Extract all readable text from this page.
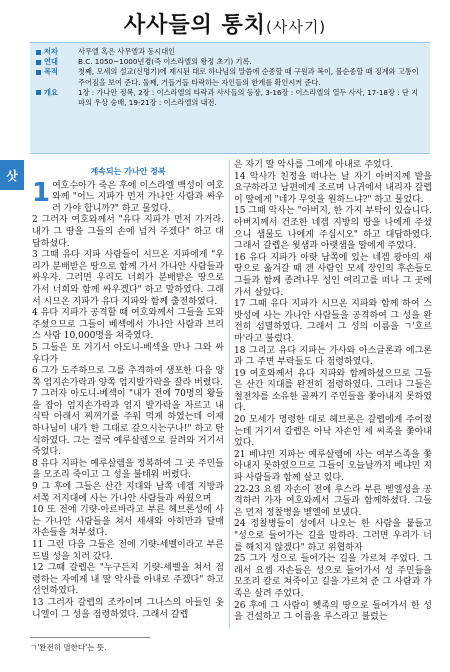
사사들의 통치(사사기)
저자	사무엘 혹은 사무엘과 동시대인
연대	B.C. 1050~1000년경(즉 이스라엘의 왕정 초기) 기록.
목적	첫째, 모세의 설교(신명기)에 제시된 대로 하나님의 말씀에 순종할 때 구원과 복이, 불순종할 때 징계와 고통이 주어짐을 보여 준다. 둘째, 거듭거듭 타락하는 자인들의 한계를 확인시켜 준다.
개요	1장 : 가나안 정복, 2장 : 이스라엘의 타락과 사사들의 등장, 3-16장 : 이스라엘의 열두 사사, 17-18장 : 단 지파의 우상 숭배, 19-21장 : 이스라엘의 내전.
삿	계속되는 가나안 정복
1 여호수아가 죽은 후에 이스라엘 백성이 여호와께 "어느 지파가 먼저 가나안 사람과 싸우러 가야 합니까?" 하고 물었다.

2 그러자 여호와께서 "유다 지파가 먼저 가거라. 내가 그 땅을 그들의 손에 넘겨 주겠다" 하고 대답하셨다.

3 그때 유다 지파 사람들이 시므온 지파에게 "우리가 분배받은 땅으로 함께 가서 가나안 사람들과 싸우자. 그러면 우리도 너희가 분배받은 땅으로 가서 너희와 함께 싸우겠다" 하고 말하였다. 그래서 시므온 지파가 유다 지파와 함께 출전하였다.

4 유다 지파가 공격할 때 여호와께서 그들을 도와주셨으므로 그들이 베섹에서 가나안 사람과 브리스 사람 10,000명을 쳐죽였다.

5 그들은 또 거기서 아도니-베섹을 만나 그와 싸우다가

6 그가 도주하므로 그를 추격하여 생포한 다음 양쪽 엄지손가락과 양쪽 엄지발가락을 잘라 버렸다.

7 그러자 아도니-베섹이 "내가 전에 70명의 왕들을 잡아 엄지손가락과 엄지 발가락을 자르고 내 식탁 아래서 찌꺼기를 주워 먹게 하였는데 이제 하나님이 내가 한 그대로 갚으시는구나!" 하고 탄식하였다. 그는 결국 예루살렘으로 끌려와 거기서 죽었다.

8 유다 지파는 예루살렘을 정복하여 그 곳 주민들을 모조리 죽이고 그 성을 불태워 버렸다.

9 그 후에 그들은 산간 지대와 남쪽 네겝 지방과 서쪽 저지대에 사는 가나안 사람들과 싸웠으며

10 또 전에 기럇-아르바라고 부른 헤브론성에 사는 가나안 사람들을 쳐서 세새와 아히만과 달매 자손들을 쳐부셨다.

11 그런 다음 그들은 전에 기럇-세벨이라고 부른 드빌 성을 치러 갔다.

12 그때 갈렙은 "누구든지 기럇-세벨을 쳐서 점령하는 자에게 내 딸 악사를 아내로 주겠다" 하고 선언하였다.

13 그러자 갈렙의 조카이며 그나스의 아들인 옷니엘이 그 성을 점령하였다. 그래서 갈렙

은 자기 딸 악사를 그에게 아내로 주었다.

14 악사가 친정을 떠나는 날 자기 아버지께 밭을 요구하라고 남편에게 조르며 나귀에서 내리자 갈렙이 딸에게 "네가 무엇을 원하느냐?" 하고 물었다.

15 그때 악사는 "아버지, 한 가지 부탁이 있습니다. 아버지께서 건조한 네겝 지방의 땅을 나에게 주셨으니 샘물도 나에게 주십시오" 하고 대답하였다. 그래서 갈렙은 윗샘과 아랫샘을 딸에게 주었다.

16 유다 지파가 아랏 남쪽에 있는 네겝 광야의 새 땅으로 옮겨갈 때 겐 사람인 모세 장인의 후손들도 그들과 함께 종려나무 성인 여리고를 떠나 그 곳에 가서 살았다.

17 그때 유다 지파가 시므온 지파와 함께 하여 스밧성에 사는 가나안 사람들을 공격하여 그 성을 완전히 섬멸하였다. 그래서 그 성의 이름을 ㄱ'호르마'라고 불렀다.

18 그리고 유다 지파는 가사와 아스글론과 에그론과 그 주변 부락들도 다 점령하였다.

19 여호와께서 유다 지파와 함께하셨으므로 그들은 산간 지대를 완전히 점령하였다. 그러나 그들은 철전차를 소유한 골짜기 주민들을 쫓아내지 못하였다.

20 모세가 명령한 대로 헤브론은 갈렙에게 주어졌는데 거기서 갈렙은 아낙 자손인 세 씨족을 쫓아내었다.

21 베냐민 지파는 예루살렘에 사는 여부스족을 쫓아내지 못하였으므로 그들이 오늘날까지 베냐민 지파 사람들과 함께 살고 있다.

22-23 요셉 자손이 전에 루스라 부른 벧엘성을 공격하러 가자 여호와께서 그들과 함께하셨다. 그들은 먼저 정찰병을 벧엘에 보냈다.

24 정찰병들이 성에서 나오는 한 사람을 붙들고 "성으로 들어가는 길을 말하라. 그러면 우리가 너를 해치지 않겠다" 하고 위협하자

25 그가 성으로 들어가는 길을 가르쳐 주었다. 그래서 요셉 자손들은 성으로 들어가서 성 주민들을 모조리 칼로 쳐죽이고 길을 가르쳐 준 그 사람과 가족은 살려 주었다.

26 후에 그 사람이 헷족의 땅으로 들어가서 한 성을 건설하고 그 이름을 루스라고 불렀는

ㄱ'완전히 멸한다'는 뜻.
